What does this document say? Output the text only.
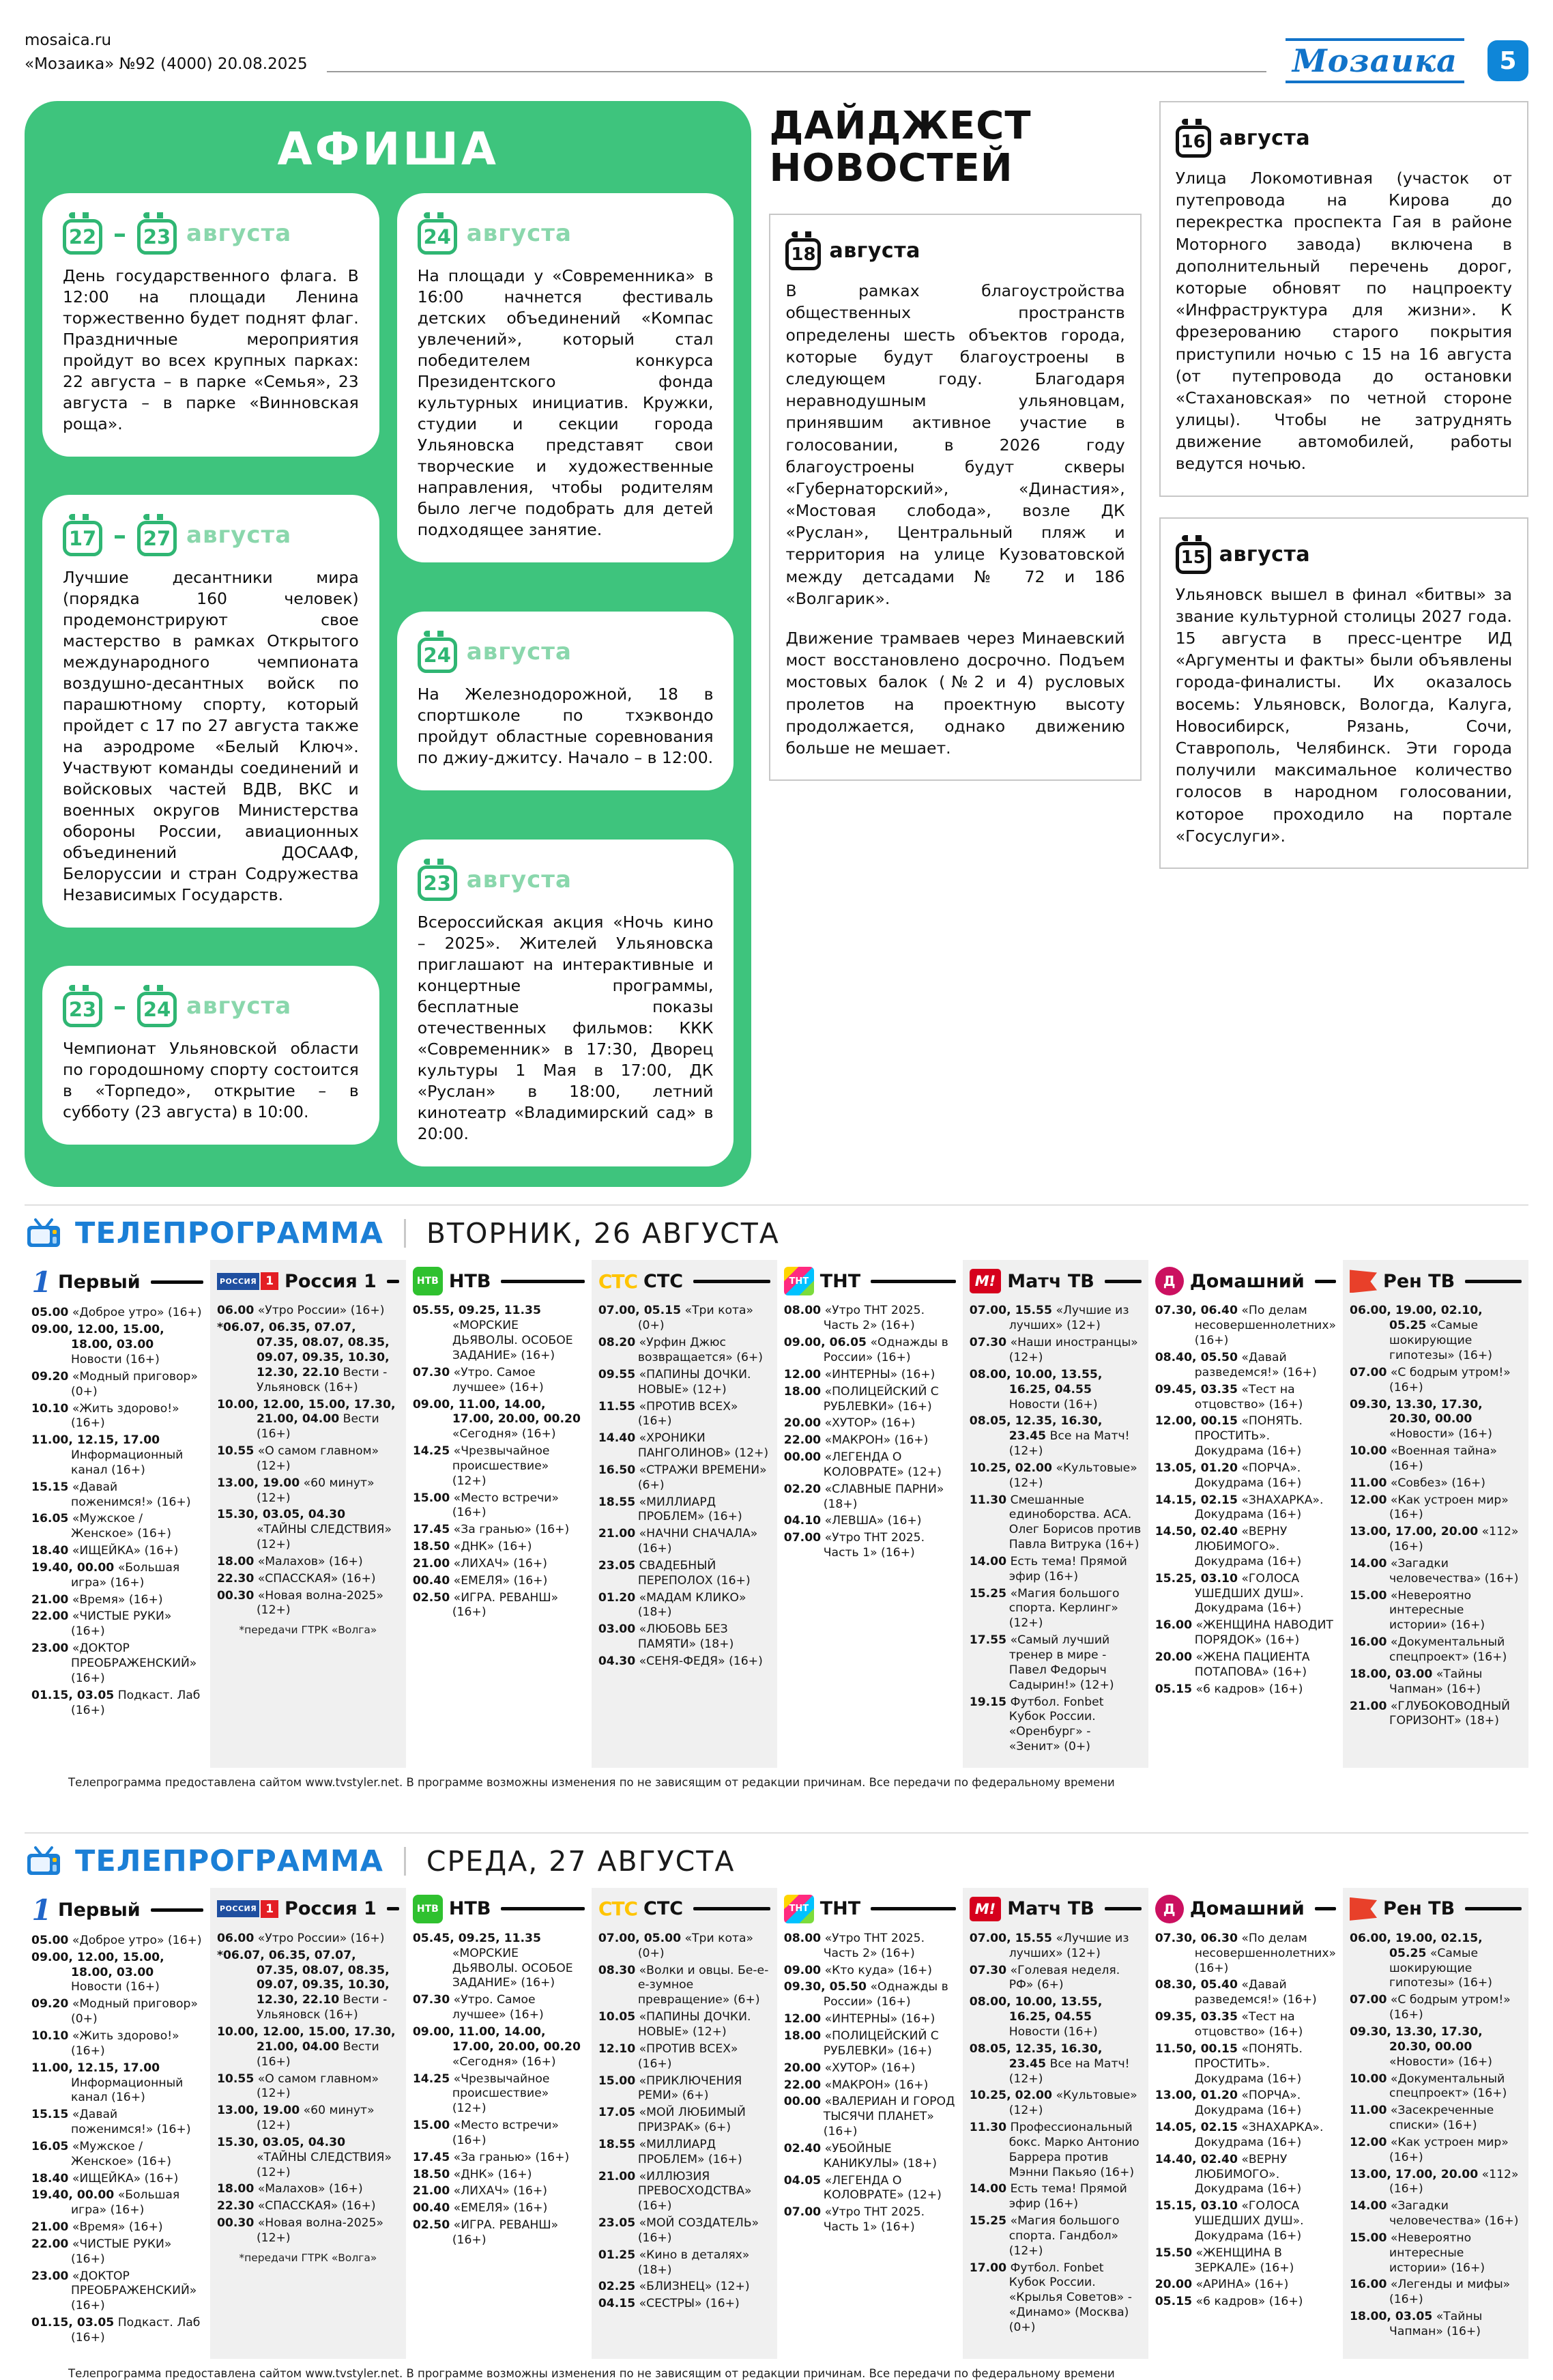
mosaica.ru
«Мозаика» №92 (4000) 20.08.2025	Мозаика	5
АФИША
22 – 23 августа

День государственного флага. В 12:00 на площади Ленина торжественно будет поднят флаг. Праздничные мероприятия пройдут во всех крупных парках: 22 августа – в парке «Семья», 23 августа – в парке «Винновская роща».

17 – 27 августа

Лучшие десантники мира (порядка 160 человек) продемонстрируют свое мастерство в рамках Открытого международного чемпионата воздушно-десантных войск по парашютному спорту, который пройдет с 17 по 27 августа также на аэродроме «Белый Ключ». Участвуют команды соединений и войсковых частей ВДВ, ВКС и военных округов Министерства обороны России, авиационных объединений ДОСААФ, Белоруссии и стран Содружества Независимых Государств.

23 – 24 августа

Чемпионат Ульяновской области по городошному спорту состоится в «Торпедо», открытие – в субботу (23 августа) в 10:00.

24 августа

На площади у «Современника» в 16:00 начнется фестиваль детских объединений «Компас увлечений», который стал победителем конкурса Президентского фонда культурных инициатив. Кружки, студии и секции города Ульяновска представят свои творческие и художественные направления, чтобы родителям было легче подобрать для детей подходящее занятие.

24 августа

На Железнодорожной, 18 в спортшколе по тхэквондо пройдут областные соревнования по джиу-джитсу. Начало – в 12:00.

23 августа

Всероссийская акция «Ночь кино – 2025». Жителей Ульяновска приглашают на интерактивные и концертные программы, бесплатные показы отечественных фильмов: ККК «Современник» в 17:30, Дворец культуры 1 Мая в 17:00, ДК «Руслан» в 18:00, летний кинотеатр «Владимирский сад» в 20:00.

ДАЙДЖЕСТ НОВОСТЕЙ
18 августа

В рамках благоустройства общественных пространств определены шесть объектов города, которые будут благоустроены в следующем году. Благодаря неравнодушным ульяновцам, принявшим активное участие в голосовании, в 2026 году благоустроены будут скверы «Губернаторский», «Династия», «Мостовая слобода», возле ДК «Руслан», Центральный пляж и территория на улице Кузоватовской между детсадами № 72 и 186 «Волгарик».

Движение трамваев через Минаевский мост восстановлено досрочно. Подъем мостовых балок (№2 и 4) русловых пролетов на проектную высоту продолжается, однако движению больше не мешает.

16 августа

Улица Локомотивная (участок от путепровода на Кирова до перекрестка проспекта Гая в районе Моторного завода) включена в дополнительный перечень дорог, которые обновят по нацпроекту «Инфраструктура для жизни». К фрезерованию старого покрытия приступили ночью с 15 на 16 августа (от путепровода до остановки «Стахановская» по четной стороне улицы). Чтобы не затруднять движение автомобилей, работы ведутся ночью.

15 августа

Ульяновск вышел в финал «битвы» за звание культурной столицы 2027 года. 15 августа в пресс-центре ИД «Аргументы и факты» были объявлены города-финалисты. Их оказалось восемь: Ульяновск, Вологда, Калуга, Новосибирск, Рязань, Сочи, Ставрополь, Челябинск. Эти города получили максимальное количество голосов в народном голосовании, которое проходило на портале «Госуслуги».

ТЕЛЕПРОГРАММА ВТОРНИК, 26 АВГУСТА
1 Первый
05.00 «Доброе утро» (16+)
09.00, 12.00, 15.00, 18.00, 03.00 Новости (16+)
09.20 «Модный приговор» (0+)
10.10 «Жить здорово!» (16+)
11.00, 12.15, 17.00 Информационный канал (16+)
15.15 «Давай поженимся!» (16+)
16.05 «Мужское / Женское» (16+)
18.40 «ИЩЕЙКА» (16+)
19.40, 00.00 «Большая игра» (16+)
21.00 «Время» (16+)
22.00 «ЧИСТЫЕ РУКИ» (16+)
23.00 «ДОКТОР ПРЕОБРАЖЕНСКИЙ» (16+)
01.15, 03.05 Подкаст. Лаб (16+)
РОССИЯ 1 Россия 1
06.00 «Утро России» (16+)
*06.07, 06.35, 07.07, 07.35, 08.07, 08.35, 09.07, 09.35, 10.30, 12.30, 22.10 Вести - Ульяновск (16+)
10.00, 12.00, 15.00, 17.30, 21.00, 04.00 Вести (16+)
10.55 «О самом главном» (12+)
13.00, 19.00 «60 минут» (12+)
15.30, 03.05, 04.30 «ТАЙНЫ СЛЕДСТВИЯ» (12+)
18.00 «Малахов» (16+)
22.30 «СПАССКАЯ» (16+)
00.30 «Новая волна-2025» (12+)
*передачи ГТРК «Волга»
НТВ НТВ
05.55, 09.25, 11.35 «МОРСКИЕ ДЬЯВОЛЫ. ОСОБОЕ ЗАДАНИЕ» (16+)
07.30 «Утро. Самое лучшее» (16+)
09.00, 11.00, 14.00, 17.00, 20.00, 00.20 «Сегодня» (16+)
14.25 «Чрезвычайное происшествие» (12+)
15.00 «Место встречи» (16+)
17.45 «За гранью» (16+)
18.50 «ДНК» (16+)
21.00 «ЛИХАЧ» (16+)
00.40 «ЕМЕЛЯ» (16+)
02.50 «ИГРА. РЕВАНШ» (16+)
СТС СТС
07.00, 05.15 «Три кота» (0+)
08.20 «Урфин Джюс возвращается» (6+)
09.55 «ПАПИНЫ ДОЧКИ. НОВЫЕ» (12+)
11.55 «ПРОТИВ ВСЕХ» (16+)
14.40 «ХРОНИКИ ПАНГОЛИНОВ» (12+)
16.50 «СТРАЖИ ВРЕМЕНИ» (6+)
18.55 «МИЛЛИАРД ПРОБЛЕМ» (16+)
21.00 «НАЧНИ СНАЧАЛА» (16+)
23.05 СВАДЕБНЫЙ ПЕРЕПОЛОХ (16+)
01.20 «МАДАМ КЛИКО» (18+)
03.00 «ЛЮБОВЬ БЕЗ ПАМЯТИ» (18+)
04.30 «СЕНЯ-ФЕДЯ» (16+)
ТНТ ТНТ
08.00 «Утро ТНТ 2025. Часть 2» (16+)
09.00, 06.05 «Однажды в России» (16+)
12.00 «ИНТЕРНЫ» (16+)
18.00 «ПОЛИЦЕЙСКИЙ С РУБЛЕВКИ» (16+)
20.00 «ХУТОР» (16+)
22.00 «МАКРОН» (16+)
00.00 «ЛЕГЕНДА О КОЛОВРАТЕ» (12+)
02.20 «СЛАВНЫЕ ПАРНИ» (18+)
04.10 «ЛЕВША» (16+)
07.00 «Утро ТНТ 2025. Часть 1» (16+)
М! Матч ТВ
07.00, 15.55 «Лучшие из лучших» (12+)
07.30 «Наши иностранцы» (12+)
08.00, 10.00, 13.55, 16.25, 04.55 Новости (16+)
08.05, 12.35, 16.30, 23.45 Все на Матч! (12+)
10.25, 02.00 «Культовые» (12+)
11.30 Смешанные единоборства. АСА. Олег Борисов против Павла Витрука (16+)
14.00 Есть тема! Прямой эфир (16+)
15.25 «Магия большого спорта. Керлинг» (12+)
17.55 «Самый лучший тренер в мире - Павел Федорыч Садырин!» (12+)
19.15 Футбол. Fonbet Кубок России. «Оренбург» - «Зенит» (0+)
Д Домашний
07.30, 06.40 «По делам несовершеннолетних» (16+)
08.40, 05.50 «Давай разведемся!» (16+)
09.45, 03.35 «Тест на отцовство» (16+)
12.00, 00.15 «ПОНЯТЬ. ПРОСТИТЬ». Докудрама (16+)
13.05, 01.20 «ПОРЧА». Докудрама (16+)
14.15, 02.15 «ЗНАХАРКА». Докудрама (16+)
14.50, 02.40 «ВЕРНУ ЛЮБИМОГО». Докудрама (16+)
15.25, 03.10 «ГОЛОСА УШЕДШИХ ДУШ». Докудрама (16+)
16.00 «ЖЕНЩИНА НАВОДИТ ПОРЯДОК» (16+)
20.00 «ЖЕНА ПАЦИЕНТА ПОТАПОВА» (16+)
05.15 «6 кадров» (16+)
Рен ТВ
06.00, 19.00, 02.10, 05.25 «Самые шокирующие гипотезы» (16+)
07.00 «С бодрым утром!» (16+)
09.30, 13.30, 17.30, 20.30, 00.00 «Новости» (16+)
10.00 «Военная тайна» (16+)
11.00 «Совбез» (16+)
12.00 «Как устроен мир» (16+)
13.00, 17.00, 20.00 «112» (16+)
14.00 «Загадки человечества» (16+)
15.00 «Невероятно интересные истории» (16+)
16.00 «Документальный спецпроект» (16+)
18.00, 03.00 «Тайны Чапман» (16+)
21.00 «ГЛУБОКОВОДНЫЙ ГОРИЗОНТ» (18+)
Телепрограмма предоставлена сайтом www.tvstyler.net. В программе возможны изменения по не зависящим от редакции причинам. Все передачи по федеральному времени
ТЕЛЕПРОГРАММА СРЕДА, 27 АВГУСТА
1 Первый
05.00 «Доброе утро» (16+)
09.00, 12.00, 15.00, 18.00, 03.00 Новости (16+)
09.20 «Модный приговор» (0+)
10.10 «Жить здорово!» (16+)
11.00, 12.15, 17.00 Информационный канал (16+)
15.15 «Давай поженимся!» (16+)
16.05 «Мужское / Женское» (16+)
18.40 «ИЩЕЙКА» (16+)
19.40, 00.00 «Большая игра» (16+)
21.00 «Время» (16+)
22.00 «ЧИСТЫЕ РУКИ» (16+)
23.00 «ДОКТОР ПРЕОБРАЖЕНСКИЙ» (16+)
01.15, 03.05 Подкаст. Лаб (16+)
РОССИЯ 1 Россия 1
06.00 «Утро России» (16+)
*06.07, 06.35, 07.07, 07.35, 08.07, 08.35, 09.07, 09.35, 10.30, 12.30, 22.10 Вести - Ульяновск (16+)
10.00, 12.00, 15.00, 17.30, 21.00, 04.00 Вести (16+)
10.55 «О самом главном» (12+)
13.00, 19.00 «60 минут» (12+)
15.30, 03.05, 04.30 «ТАЙНЫ СЛЕДСТВИЯ» (12+)
18.00 «Малахов» (16+)
22.30 «СПАССКАЯ» (16+)
00.30 «Новая волна-2025» (12+)
*передачи ГТРК «Волга»
НТВ НТВ
05.45, 09.25, 11.35 «МОРСКИЕ ДЬЯВОЛЫ. ОСОБОЕ ЗАДАНИЕ» (16+)
07.30 «Утро. Самое лучшее» (16+)
09.00, 11.00, 14.00, 17.00, 20.00, 00.20 «Сегодня» (16+)
14.25 «Чрезвычайное происшествие» (12+)
15.00 «Место встречи» (16+)
17.45 «За гранью» (16+)
18.50 «ДНК» (16+)
21.00 «ЛИХАЧ» (16+)
00.40 «ЕМЕЛЯ» (16+)
02.50 «ИГРА. РЕВАНШ» (16+)
СТС СТС
07.00, 05.00 «Три кота» (0+)
08.30 «Волки и овцы. Бе-е-е-зумное превращение» (6+)
10.05 «ПАПИНЫ ДОЧКИ. НОВЫЕ» (12+)
12.10 «ПРОТИВ ВСЕХ» (16+)
15.00 «ПРИКЛЮЧЕНИЯ РЕМИ» (6+)
17.05 «МОЙ ЛЮБИМЫЙ ПРИЗРАК» (6+)
18.55 «МИЛЛИАРД ПРОБЛЕМ» (16+)
21.00 «ИЛЛЮЗИЯ ПРЕВОСХОДСТВА» (16+)
23.05 «МОЙ СОЗДАТЕЛЬ» (16+)
01.25 «Кино в деталях» (18+)
02.25 «БЛИЗНЕЦ» (12+)
04.15 «СЕСТРЫ» (16+)
ТНТ ТНТ
08.00 «Утро ТНТ 2025. Часть 2» (16+)
09.00 «Кто куда» (16+)
09.30, 05.50 «Однажды в России» (16+)
12.00 «ИНТЕРНЫ» (16+)
18.00 «ПОЛИЦЕЙСКИЙ С РУБЛЕВКИ» (16+)
20.00 «ХУТОР» (16+)
22.00 «МАКРОН» (16+)
00.00 «ВАЛЕРИАН И ГОРОД ТЫСЯЧИ ПЛАНЕТ» (16+)
02.40 «УБОЙНЫЕ КАНИКУЛЫ» (18+)
04.05 «ЛЕГЕНДА О КОЛОВРАТЕ» (12+)
07.00 «Утро ТНТ 2025. Часть 1» (16+)
М! Матч ТВ
07.00, 15.55 «Лучшие из лучших» (12+)
07.30 «Голевая неделя. РФ» (6+)
08.00, 10.00, 13.55, 16.25, 04.55 Новости (16+)
08.05, 12.35, 16.30, 23.45 Все на Матч! (12+)
10.25, 02.00 «Культовые» (12+)
11.30 Профессиональный бокс. Марко Антонио Баррера против Мэнни Пакьяо (16+)
14.00 Есть тема! Прямой эфир (16+)
15.25 «Магия большого спорта. Гандбол» (12+)
17.00 Футбол. Fonbet Кубок России. «Крылья Советов» - «Динамо» (Москва) (0+)
Д Домашний
07.30, 06.30 «По делам несовершеннолетних» (16+)
08.30, 05.40 «Давай разведемся!» (16+)
09.35, 03.35 «Тест на отцовство» (16+)
11.50, 00.15 «ПОНЯТЬ. ПРОСТИТЬ». Докудрама (16+)
13.00, 01.20 «ПОРЧА». Докудрама (16+)
14.05, 02.15 «ЗНАХАРКА». Докудрама (16+)
14.40, 02.40 «ВЕРНУ ЛЮБИМОГО». Докудрама (16+)
15.15, 03.10 «ГОЛОСА УШЕДШИХ ДУШ». Докудрама (16+)
15.50 «ЖЕНЩИНА В ЗЕРКАЛЕ» (16+)
20.00 «АРИНА» (16+)
05.15 «6 кадров» (16+)
Рен ТВ
06.00, 19.00, 02.15, 05.25 «Самые шокирующие гипотезы» (16+)
07.00 «С бодрым утром!» (16+)
09.30, 13.30, 17.30, 20.30, 00.00 «Новости» (16+)
10.00 «Документальный спецпроект» (16+)
11.00 «Засекреченные списки» (16+)
12.00 «Как устроен мир» (16+)
13.00, 17.00, 20.00 «112» (16+)
14.00 «Загадки человечества» (16+)
15.00 «Невероятно интересные истории» (16+)
16.00 «Легенды и мифы» (16+)
18.00, 03.05 «Тайны Чапман» (16+)
Телепрограмма предоставлена сайтом www.tvstyler.net. В программе возможны изменения по не зависящим от редакции причинам. Все передачи по федеральному времени
